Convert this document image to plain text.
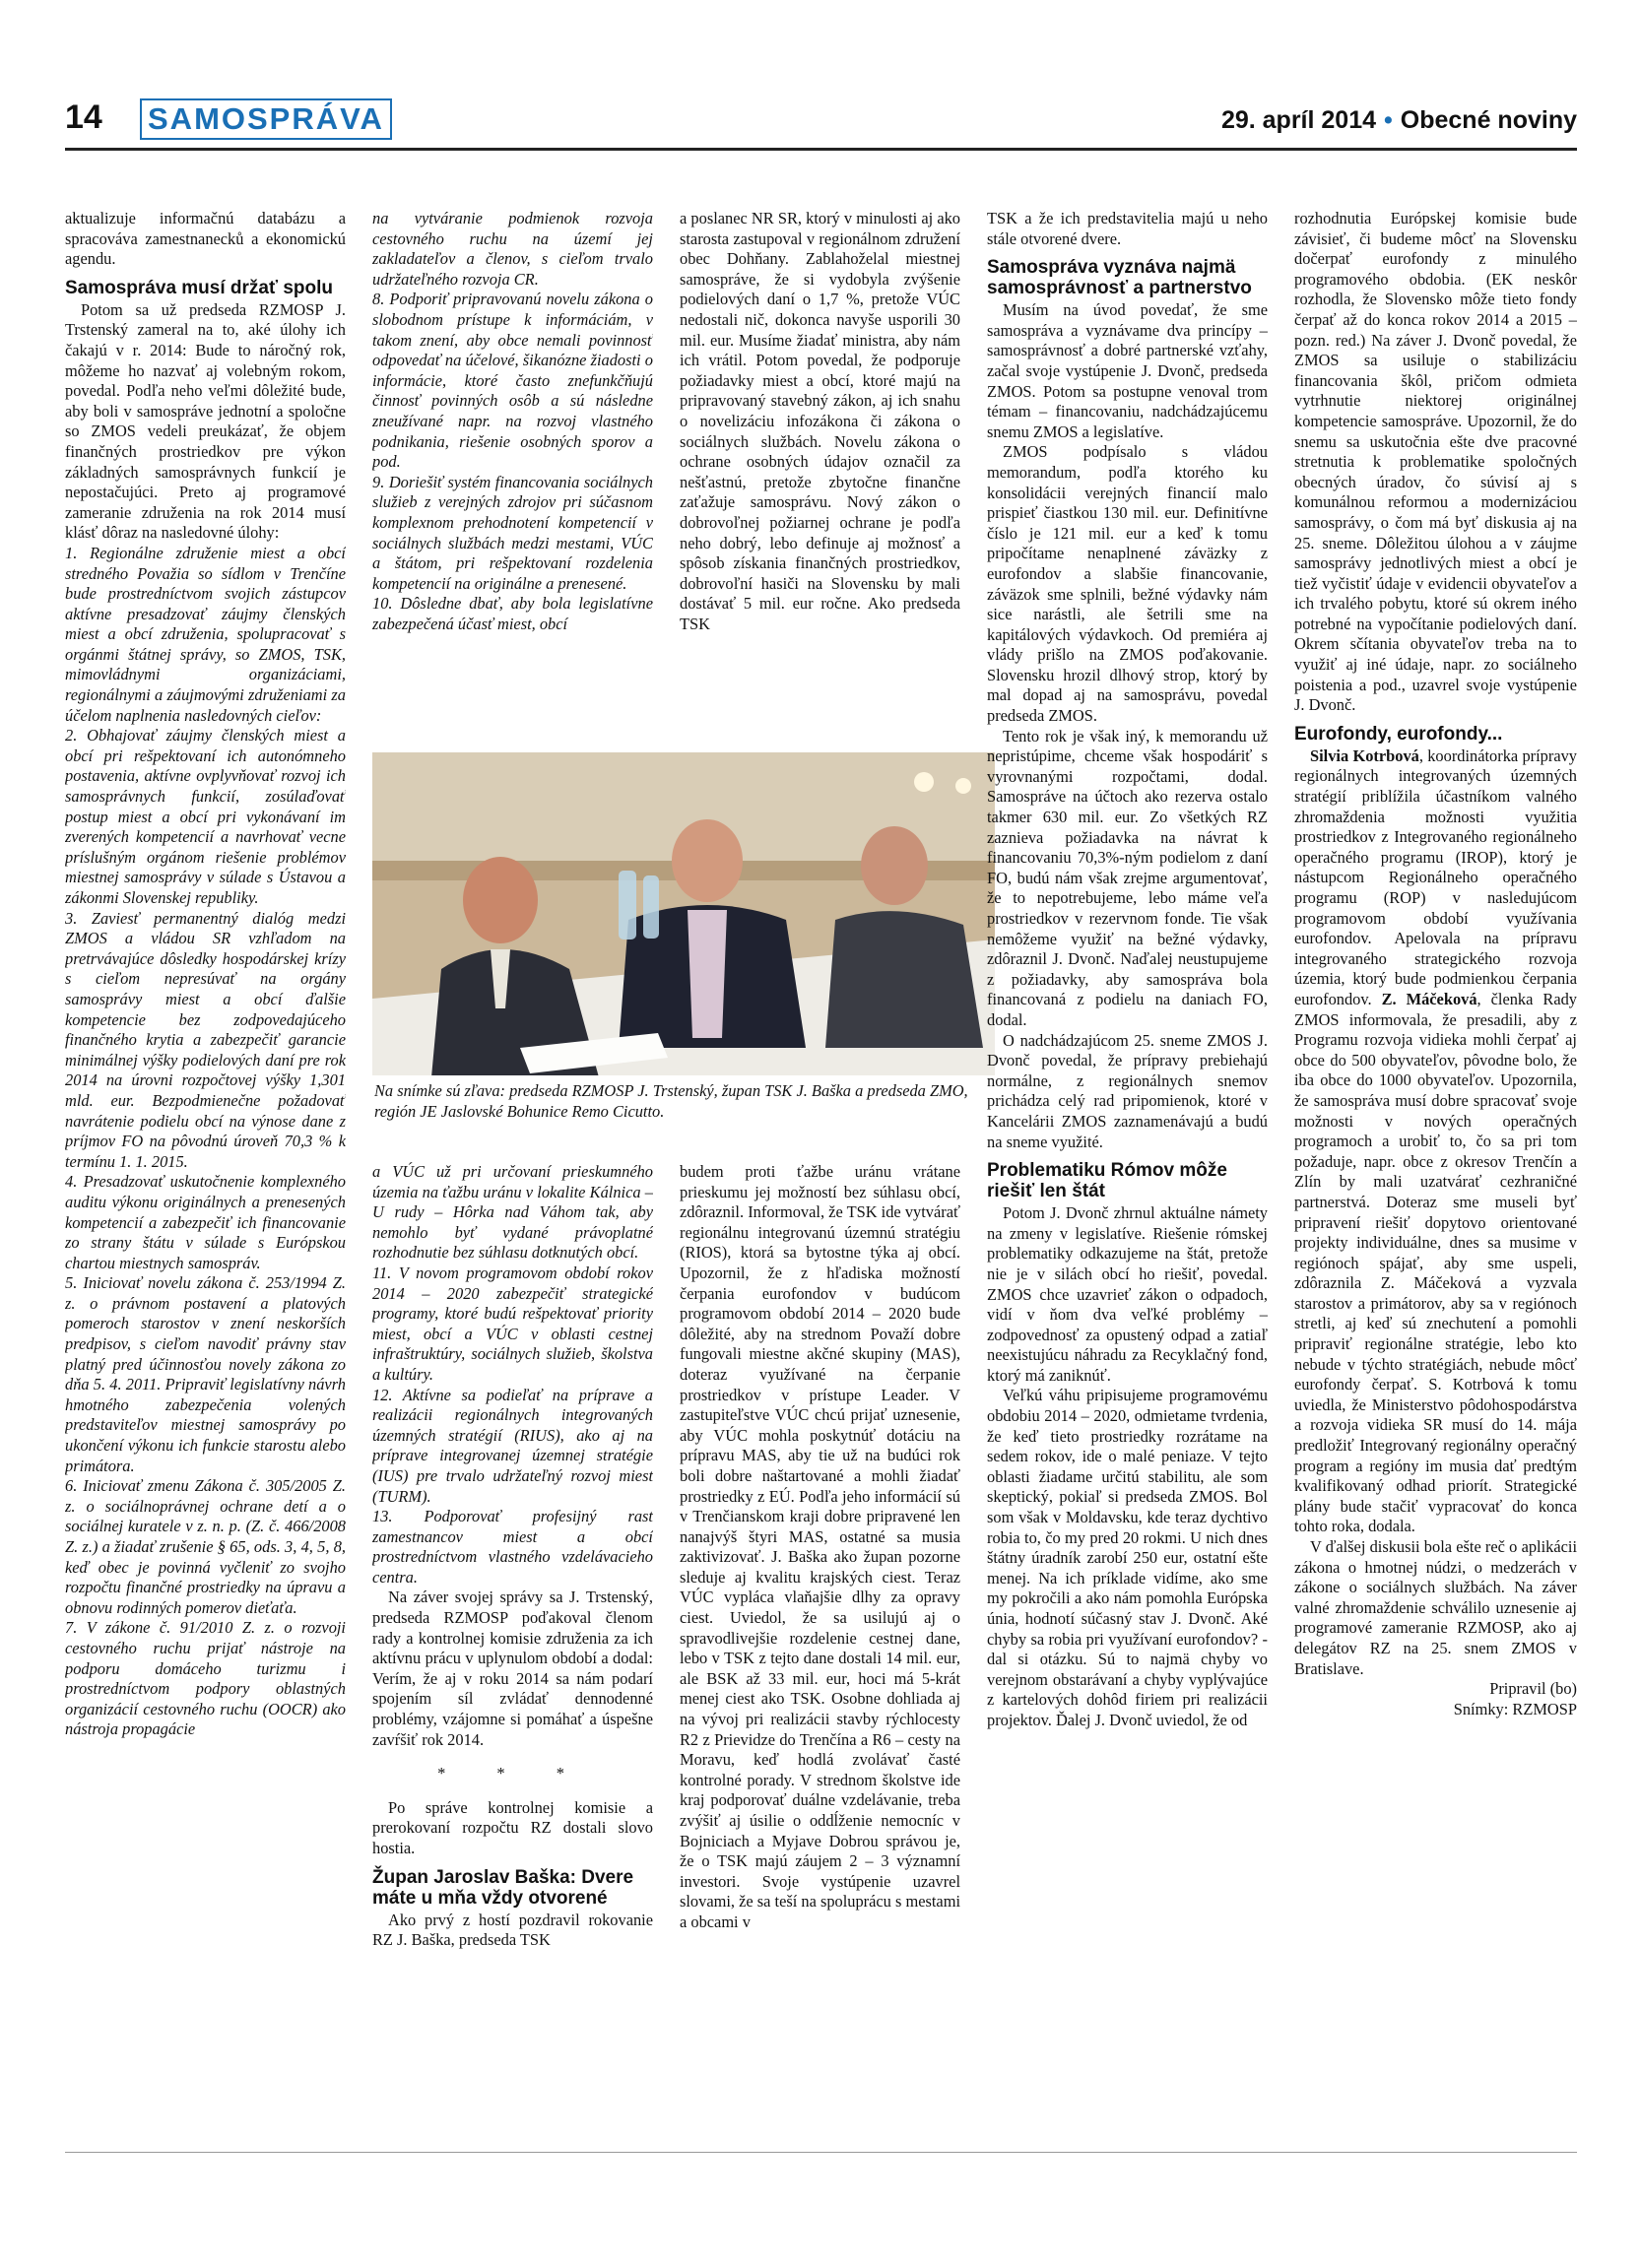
14 SAMOSPRÁVA	29. apríl 2014 • Obecné noviny

aktualizuje informačnú databázu a spracováva zamestnanecků a ekonomickú agendu.

Samospráva musí držať spolu

Potom sa už predseda RZMOSP J. Trstenský zameral na to, aké úlohy ich čakajú v r. 2014: Bude to náročný rok, môžeme ho nazvať aj volebným rokom, povedal. Podľa neho veľmi dôležité bude, aby boli v samospráve jednotní a spoločne so ZMOS vedeli preukázať, že objem finančných prostriedkov pre výkon základných samosprávnych funkcií je nepostačujúci. Preto aj programové zameranie združenia na rok 2014 musí klásť dôraz na nasledovné úlohy:

1. Regionálne združenie miest a obcí stredného Považia so sídlom v Trenčíne bude prostredníctvom svojich zástupcov aktívne presadzovať záujmy členských miest a obcí združenia, spolupracovať s orgánmi štátnej správy, so ZMOS, TSK, mimovládnymi organizáciami, regionálnymi a záujmovými združeniami za účelom naplnenia nasledovných cieľov:

2. Obhajovať záujmy členských miest a obcí pri rešpektovaní ich autonómneho postavenia, aktívne ovplyvňovať rozvoj ich samosprávnych funkcií, zosúlaďovať postup miest a obcí pri vykonávaní im zverených kompetencií a navrhovať vecne príslušným orgánom riešenie problémov miestnej samosprávy v súlade s Ústavou a zákonmi Slovenskej republiky.

3. Zaviesť permanentný dialóg medzi ZMOS a vládou SR vzhľadom na pretrvávajúce dôsledky hospodárskej krízy s cieľom nepresúvať na orgány samosprávy miest a obcí ďalšie kompetencie bez zodpovedajúceho finančného krytia a zabezpečiť garancie minimálnej výšky podielových daní pre rok 2014 na úrovni rozpočtovej výšky 1,301 mld. eur. Bezpodmienečne požadovať navrátenie podielu obcí na výnose dane z príjmov FO na pôvodnú úroveň 70,3 % k termínu 1. 1. 2015.

4. Presadzovať uskutočnenie komplexného auditu výkonu originálnych a prenesených kompetencií a zabezpečiť ich financovanie zo strany štátu v súlade s Európskou chartou miestnych samospráv.

5. Iniciovať novelu zákona č. 253/1994 Z. z. o právnom postavení a platových pomeroch starostov v znení neskorších predpisov, s cieľom navodiť právny stav platný pred účinnosťou novely zákona zo dňa 5. 4. 2011. Pripraviť legislatívny návrh hmotného zabezpečenia volených predstaviteľov miestnej samosprávy po ukončení výkonu ich funkcie starostu alebo primátora.

6. Iniciovať zmenu Zákona č. 305/2005 Z. z. o sociálnoprávnej ochrane detí a o sociálnej kuratele v z. n. p. (Z. č. 466/2008 Z. z.) a žiadať zrušenie § 65, ods. 3, 4, 5, 8, keď obec je povinná vyčleniť zo svojho rozpočtu finančné prostriedky na úpravu a obnovu rodinných pomerov dieťaťa.

7. V zákone č. 91/2010 Z. z. o rozvoji cestovného ruchu prijať nástroje na podporu domáceho turizmu i prostredníctvom podpory oblastných organizácií cestovného ruchu (OOCR) ako nástroja propagácie

na vytváranie podmienok rozvoja cestovného ruchu na území jej zakladateľov a členov, s cieľom trvalo udržateľného rozvoja CR.

8. Podporiť pripravovanú novelu zákona o slobodnom prístupe k informáciám, v takom znení, aby obce nemali povinnosť odpovedať na účelové, šikanózne žiadosti o informácie, ktoré často znefunkčňujú činnosť povinných osôb a sú následne zneužívané napr. na rozvoj vlastného podnikania, riešenie osobných sporov a pod.

9. Doriešiť systém financovania sociálnych služieb z verejných zdrojov pri súčasnom komplexnom prehodnotení kompetencií v sociálnych službách medzi mestami, VÚC a štátom, pri rešpektovaní rozdelenia kompetencií na originálne a prenesené.

10. Dôsledne dbať, aby bola legislatívne zabezpečená účasť miest, obcí

a poslanec NR SR, ktorý v minulosti aj ako starosta zastupoval v regionálnom združení obec Dohňany. Zablahoželal miestnej samospráve, že si vydobyla zvýšenie podielových daní o 1,7 %, pretože VÚC nedostali nič, dokonca navyše usporili 30 mil. eur. Musíme žiadať ministra, aby nám ich vrátil. Potom povedal, že podporuje požiadavky miest a obcí, ktoré majú na pripravovaný stavebný zákon, aj ich snahu o novelizáciu infozákona či zákona o sociálnych službách. Novelu zákona o ochrane osobných údajov označil za nešťastnú, pretože zbytočne finančne zaťažuje samosprávu. Nový zákon o dobrovoľnej požiarnej ochrane je podľa neho dobrý, lebo definuje aj možnosť a spôsob získania finančných prostriedkov, dobrovoľní hasiči na Slovensku by mali dostávať 5 mil. eur ročne. Ako predseda TSK

Na snímke sú zľava: predseda RZMOSP J. Trstenský, župan TSK J. Baška a predseda ZMO, región JE Jaslovské Bohunice Remo Cicutto.

a VÚC už pri určovaní prieskumného územia na ťažbu uránu v lokalite Kálnica – U rudy – Hôrka nad Váhom tak, aby nemohlo byť vydané právoplatné rozhodnutie bez súhlasu dotknutých obcí.

11. V novom programovom období rokov 2014 – 2020 zabezpečiť strategické programy, ktoré budú rešpektovať priority miest, obcí a VÚC v oblasti cestnej infraštruktúry, sociálnych služieb, školstva a kultúry.

12. Aktívne sa podieľať na príprave a realizácii regionálnych integrovaných územných stratégií (RIUS), ako aj na príprave integrovanej územnej stratégie (IUS) pre trvalo udržateľný rozvoj miest (TURM).

13. Podporovať profesijný rast zamestnancov miest a obcí prostredníctvom vlastného vzdelávacieho centra.

Na záver svojej správy sa J. Trstenský, predseda RZMOSP poďakoval členom rady a kontrolnej komisie združenia za ich aktívnu prácu v uplynulom období a dodal: Verím, že aj v roku 2014 sa nám podarí spojením síl zvládať dennodenné problémy, vzájomne si pomáhať a úspešne zavŕšiť rok 2014.

* * *

Po správe kontrolnej komisie a prerokovaní rozpočtu RZ dostali slovo hostia.

Župan Jaroslav Baška: Dvere máte u mňa vždy otvorené

Ako prvý z hostí pozdravil rokovanie RZ J. Baška, predseda TSK

budem proti ťažbe uránu vrátane prieskumu jej možností bez súhlasu obcí, zdôraznil. Informoval, že TSK ide vytvárať regionálnu integrovanú územnú stratégiu (RIOS), ktorá sa bytostne týka aj obcí. Upozornil, že z hľadiska možností čerpania eurofondov v budúcom programovom období 2014 – 2020 bude dôležité, aby na strednom Považí dobre fungovali miestne akčné skupiny (MAS), doteraz využívané na čerpanie prostriedkov v prístupe Leader. V zastupiteľstve VÚC chcú prijať uznesenie, aby VÚC mohla poskytnúť dotáciu na prípravu MAS, aby tie už na budúci rok boli dobre naštartované a mohli žiadať prostriedky z EÚ. Podľa jeho informácií sú v Trenčianskom kraji dobre pripravené len nanajvýš štyri MAS, ostatné sa musia zaktivizovať. J. Baška ako župan pozorne sleduje aj kvalitu krajských ciest. Teraz VÚC vypláca vlaňajšie dlhy za opravy ciest. Uviedol, že sa usilujú aj o spravodlivejšie rozdelenie cestnej dane, lebo v TSK z tejto dane dostali 14 mil. eur, ale BSK až 33 mil. eur, hoci má 5-krát menej ciest ako TSK. Osobne dohliada aj na vývoj pri realizácii stavby rýchlocesty R2 z Prievidze do Trenčína a R6 – cesty na Moravu, keď hodlá zvolávať časté kontrolné porady. V strednom školstve ide kraj podporovať duálne vzdelávanie, treba zvýšiť aj úsilie o oddĺženie nemocníc v Bojniciach a Myjave Dobrou správou je, že o TSK majú záujem 2 – 3 významní investori. Svoje vystúpenie uzavrel slovami, že sa teší na spoluprácu s mestami a obcami v

TSK a že ich predstavitelia majú u neho stále otvorené dvere.

Samospráva vyznáva najmä samosprávnosť a partnerstvo

Musím na úvod povedať, že sme samospráva a vyznávame dva princípy – samosprávnosť a dobré partnerské vzťahy, začal svoje vystúpenie J. Dvonč, predseda ZMOS. Potom sa postupne venoval trom témam – financovaniu, nadchádzajúcemu snemu ZMOS a legislatíve.

ZMOS podpísalo s vládou memorandum, podľa ktorého ku konsolidácii verejných financií malo prispieť čiastkou 130 mil. eur. Definitívne číslo je 121 mil. eur a keď k tomu pripočítame nenaplnené záväzky z eurofondov a slabšie financovanie, záväzok sme splnili, bežné výdavky nám sice narástli, ale šetrili sme na kapitálových výdavkoch. Od premiéra aj vlády prišlo na ZMOS poďakovanie. Slovensku hrozil dlhový strop, ktorý by mal dopad aj na samosprávu, povedal predseda ZMOS.

Tento rok je však iný, k memorandu už nepristúpime, chceme však hospodáriť s vyrovnanými rozpočtami, dodal. Samospráve na účtoch ako rezerva ostalo takmer 630 mil. eur. Zo všetkých RZ zaznieva požiadavka na návrat k financovaniu 70,3%-ným podielom z daní FO, budú nám však zrejme argumentovať, že to nepotrebujeme, lebo máme veľa prostriedkov v rezervnom fonde. Tie však nemôžeme využiť na bežné výdavky, zdôraznil J. Dvonč. Naďalej neustupujeme z požiadavky, aby samospráva bola financovaná z podielu na daniach FO, dodal.

O nadchádzajúcom 25. sneme ZMOS J. Dvonč povedal, že prípravy prebiehajú normálne, z regionálnych snemov prichádza celý rad pripomienok, ktoré v Kancelárii ZMOS zaznamenávajú a budú na sneme využité.

Problematiku Rómov môže riešiť len štát

Potom J. Dvonč zhrnul aktuálne námety na zmeny v legislatíve. Riešenie rómskej problematiky odkazujeme na štát, pretože nie je v silách obcí ho riešiť, povedal. ZMOS chce uzavrieť zákon o odpadoch, vidí v ňom dva veľké problémy – zodpovednosť za opustený odpad a zatiaľ neexistujúcu náhradu za Recyklačný fond, ktorý má zaniknúť.

Veľkú váhu pripisujeme programovému obdobiu 2014 – 2020, odmietame tvrdenia, že keď tieto prostriedky rozrátame na sedem rokov, ide o malé peniaze. V tejto oblasti žiadame určitú stabilitu, ale som skeptický, pokiaľ si predseda ZMOS. Bol som však v Moldavsku, kde teraz dychtivo robia to, čo my pred 20 rokmi. U nich dnes štátny úradník zarobí 250 eur, ostatní ešte menej. Na ich príklade vidíme, ako sme my pokročili a ako nám pomohla Európska únia, hodnotí súčasný stav J. Dvonč. Aké chyby sa robia pri využívaní eurofondov? - dal si otázku. Sú to najmä chyby vo verejnom obstarávaní a chyby vyplývajúce z kartelových dohôd firiem pri realizácii projektov. Ďalej J. Dvonč uviedol, že od

rozhodnutia Európskej komisie bude závisieť, či budeme môcť na Slovensku dočerpať eurofondy z minulého programového obdobia. (EK neskôr rozhodla, že Slovensko môže tieto fondy čerpať až do konca rokov 2014 a 2015 – pozn. red.) Na záver J. Dvonč povedal, že ZMOS sa usiluje o stabilizáciu financovania škôl, pričom odmieta vytrhnutie niektorej originálnej kompetencie samospráve. Upozornil, že do snemu sa uskutočnia ešte dve pracovné stretnutia k problematike spoločných obecných úradov, čo súvisí aj s komunálnou reformou a modernizáciou samosprávy, o čom má byť diskusia aj na 25. sneme. Dôležitou úlohou a v záujme samosprávy jednotlivých miest a obcí je tiež vyčistiť údaje v evidencii obyvateľov a ich trvalého pobytu, ktoré sú okrem iného potrebné na vypočítanie podielových daní. Okrem sčítania obyvateľov treba na to využiť aj iné údaje, napr. zo sociálneho poistenia a pod., uzavrel svoje vystúpenie J. Dvonč.

Eurofondy, eurofondy...

Silvia Kotrbová, koordinátorka prípravy regionálnych integrovaných územných stratégií priblížila účastníkom valného zhromaždenia možnosti využitia prostriedkov z Integrovaného regionálneho operačného programu (IROP), ktorý je nástupcom Regionálneho operačného programu (ROP) v nasledujúcom programovom období využívania eurofondov. Apelovala na prípravu integrovaného strategického rozvoja územia, ktorý bude podmienkou čerpania eurofondov. Z. Máčeková, členka Rady ZMOS informovala, že presadili, aby z Programu rozvoja vidieka mohli čerpať aj obce do 500 obyvateľov, pôvodne bolo, že iba obce do 1000 obyvateľov. Upozornila, že samospráva musí dobre spracovať svoje možnosti v nových operačných programoch a urobiť to, čo sa pri tom požaduje, napr. obce z okresov Trenčín a Zlín by mali uzatvárať cezhraničné partnerstvá. Doteraz sme museli byť pripravení riešiť dopytovo orientované projekty individuálne, dnes sa musime v regiónoch spájať, aby sme uspeli, zdôraznila Z. Máčeková a vyzvala starostov a primátorov, aby sa v regiónoch stretli, aj keď sú znechutení a pomohli pripraviť regionálne stratégie, lebo kto nebude v týchto stratégiách, nebude môcť eurofondy čerpať. S. Kotrbová k tomu uviedla, že Ministerstvo pôdohospodárstva a rozvoja vidieka SR musí do 14. mája predložiť Integrovaný regionálny operačný program a regióny im musia dať predtým kvalifikovaný odhad priorít. Strategické plány bude stačiť vypracovať do konca tohto roka, dodala.

V ďalšej diskusii bola ešte reč o aplikácii zákona o hmotnej núdzi, o medzerách v zákone o sociálnych službách. Na záver valné zhromaždenie schválilo uznesenie aj programové zameranie RZMOSP, ako aj delegátov RZ na 25. snem ZMOS v Bratislave.

Pripravil (bo)

Snímky: RZMOSP
